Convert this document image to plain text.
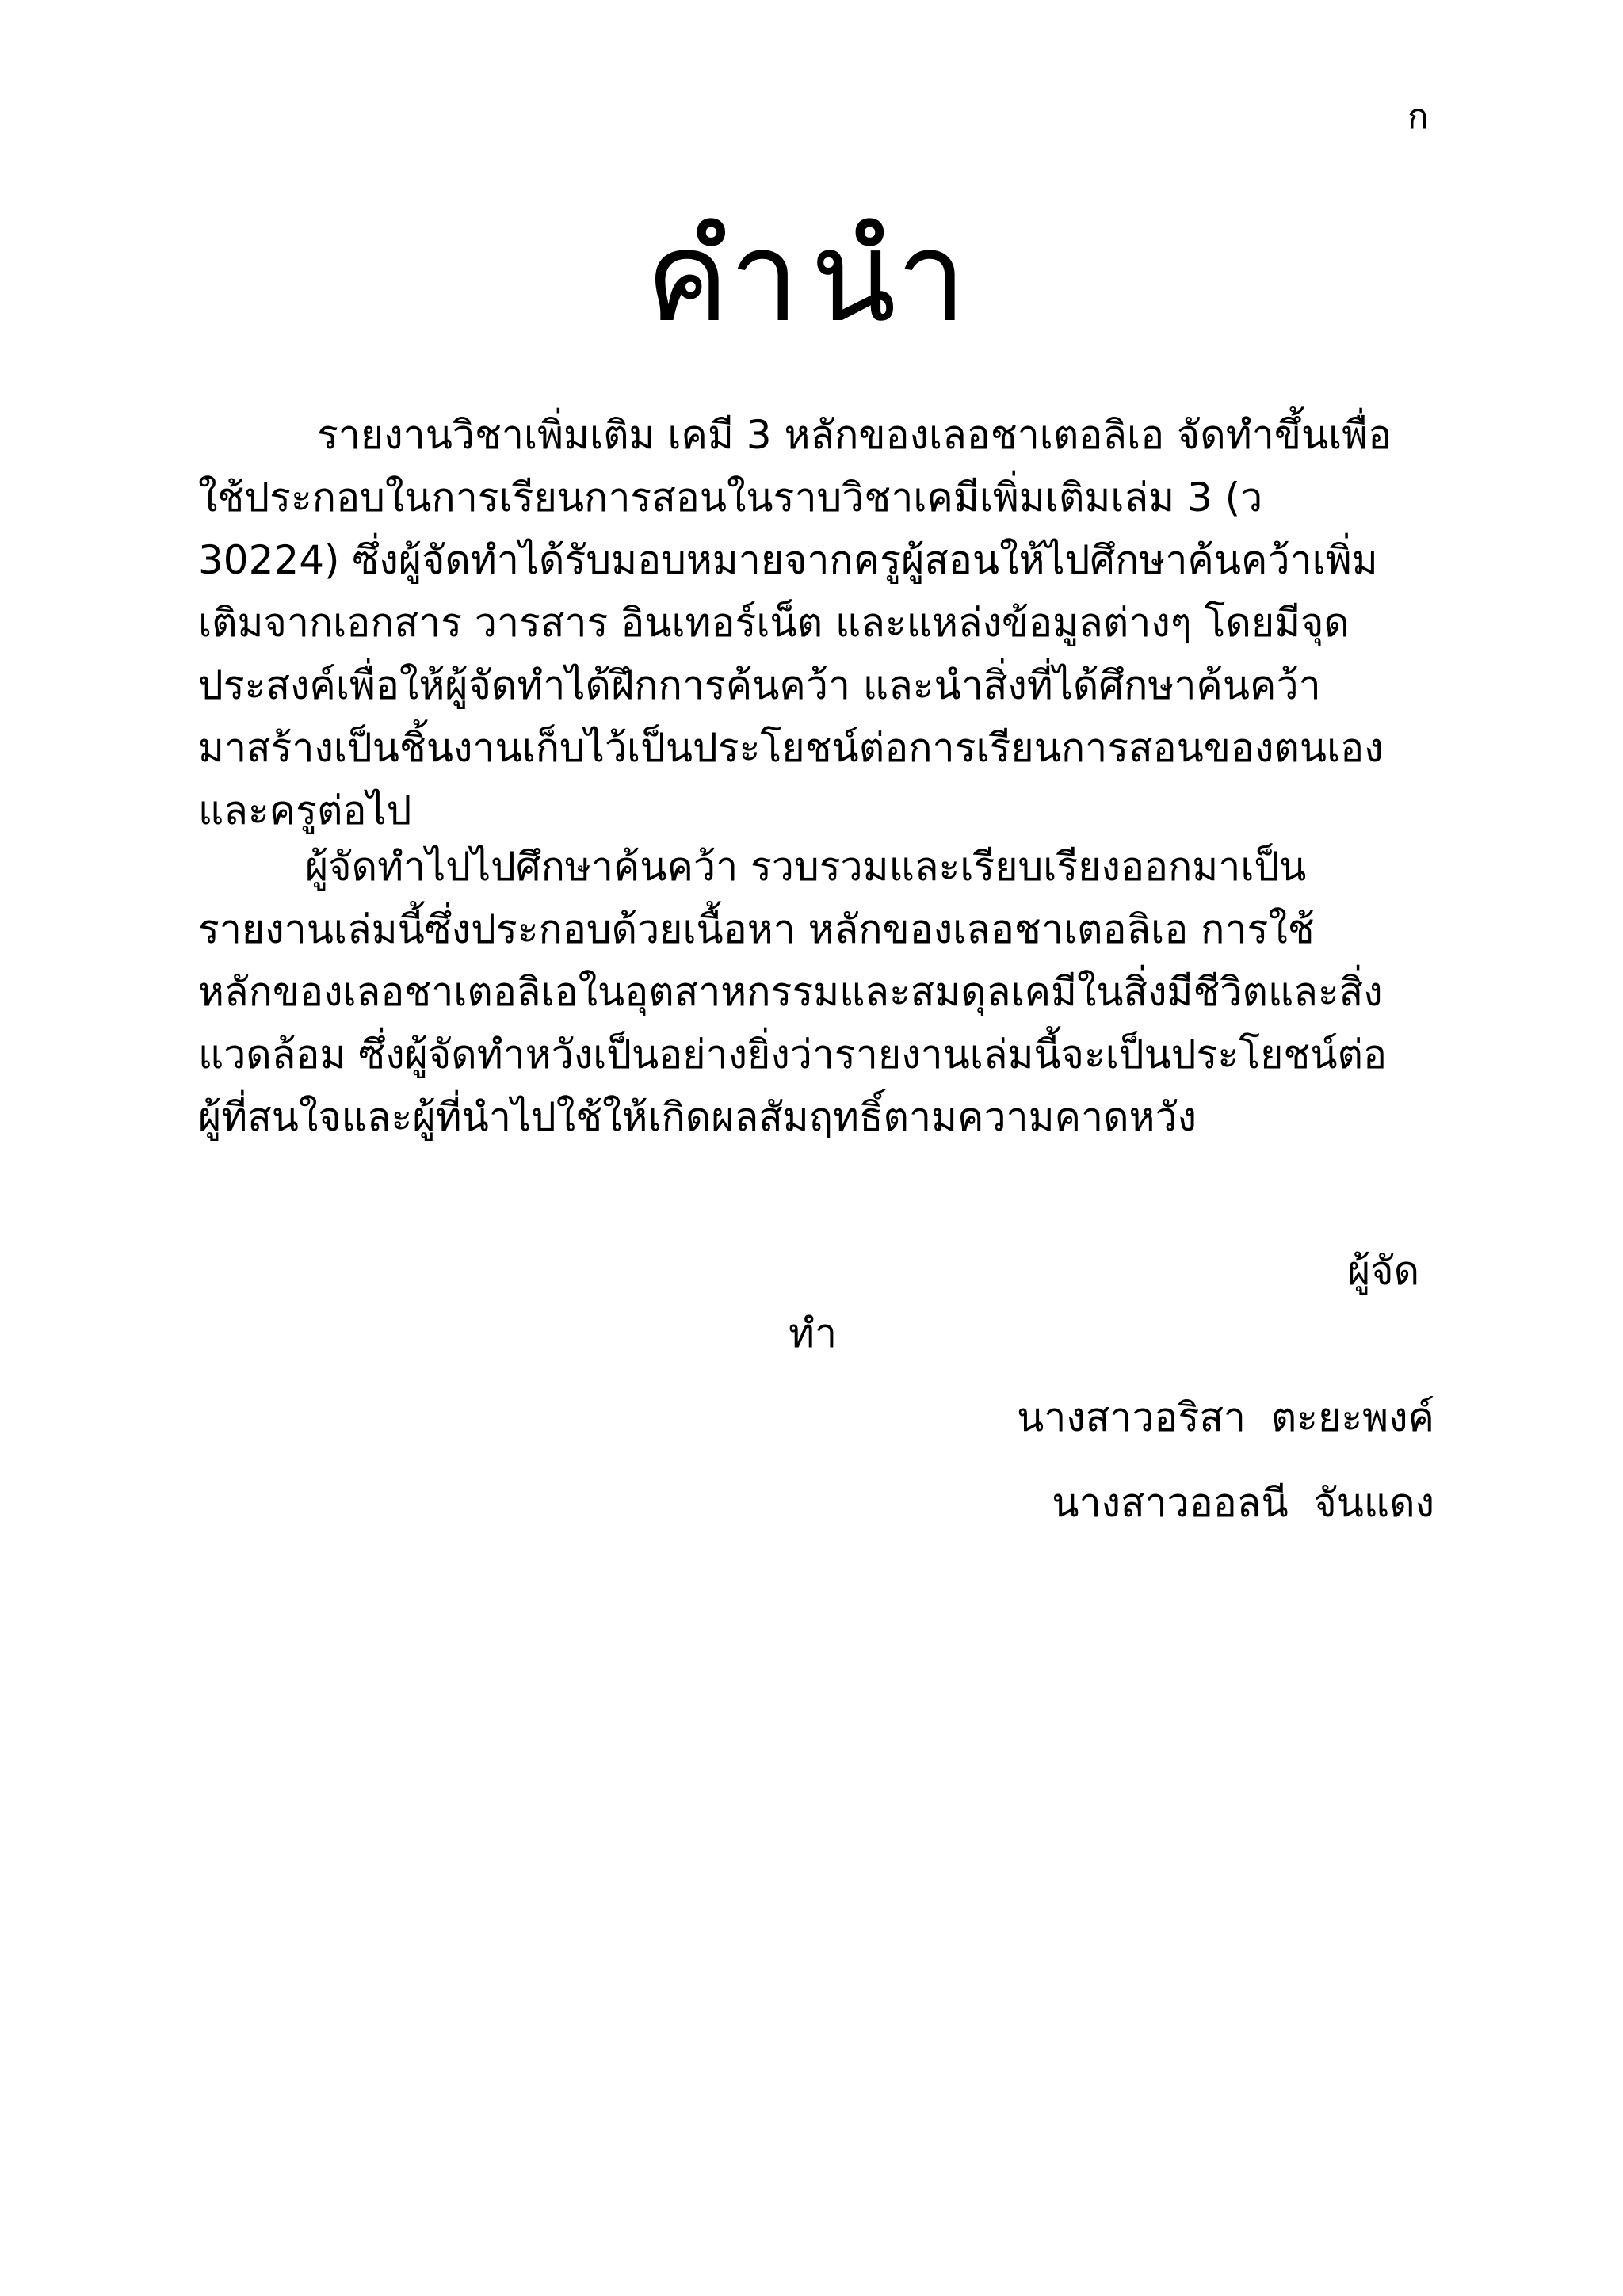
ก
คำนำ
รายงานวิชาเพิ่มเติม เคมี 3 หลักของเลอชาเตอลิเอ จัดทำขึ้นเพื่อ
ใช้ประกอบในการเรียนการสอนในราบวิชาเคมีเพิ่มเติมเล่ม 3 (ว
30224) ซึ่งผู้จัดทำได้รับมอบหมายจากครูผู้สอนให้ไปศึกษาค้นคว้าเพิ่ม
เติมจากเอกสาร วารสาร อินเทอร์เน็ต และแหล่งข้อมูลต่างๆ โดยมีจุด
ประสงค์เพื่อให้ผู้จัดทำได้ฝึกการค้นคว้า และนำสิ่งที่ได้ศึกษาค้นคว้า
มาสร้างเป็นชิ้นงานเก็บไว้เป็นประโยชน์ต่อการเรียนการสอนของตนเอง
และครูต่อไป
ผู้จัดทำไปไปศึกษาค้นคว้า รวบรวมและเรียบเรียงออกมาเป็น
รายงานเล่มนี้ซึ่งประกอบด้วยเนื้อหา หลักของเลอชาเตอลิเอ การใช้
หลักของเลอชาเตอลิเอในอุตสาหกรรมและสมดุลเคมีในสิ่งมีชีวิตและสิ่ง
แวดล้อม ซึ่งผู้จัดทำหวังเป็นอย่างยิ่งว่ารายงานเล่มนี้จะเป็นประโยชน์ต่อ
ผู้ที่สนใจและผู้ที่นำไปใช้ให้เกิดผลสัมฤทธิ์ตามความคาดหวัง
ผู้จัด
ทำ
นางสาวอริสา  ตะยะพงค์
นางสาวออลนี  จันแดง
